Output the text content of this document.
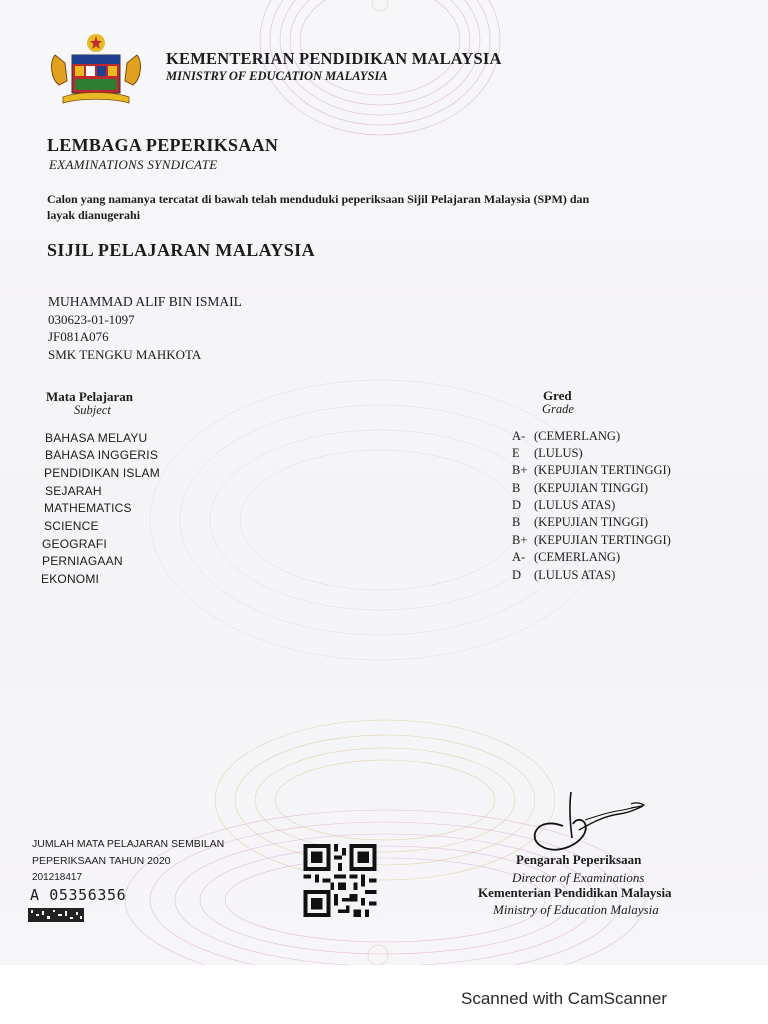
KEMENTERIAN PENDIDIKAN MALAYSIA
MINISTRY OF EDUCATION MALAYSIA
LEMBAGA PEPERIKSAAN
EXAMINATIONS SYNDICATE
Calon yang namanya tercatat di bawah telah menduduki peperiksaan Sijil Pelajaran Malaysia (SPM) dan
layak dianugerahi
SIJIL PELAJARAN MALAYSIA
MUHAMMAD ALIF BIN ISMAIL
030623-01-1097
JF081A076
SMK TENGKU MAHKOTA
Mata Pelajaran
Subject
Gred
Grade
BAHASA MELAYU
BAHASA INGGERIS
PENDIDIKAN ISLAM
SEJARAH
MATHEMATICS
SCIENCE
GEOGRAFI
PERNIAGAAN
EKONOMI
A- (CEMERLANG)
E (LULUS)
B+ (KEPUJIAN TERTINGGI)
B (KEPUJIAN TINGGI)
D (LULUS ATAS)
B (KEPUJIAN TINGGI)
B+ (KEPUJIAN TERTINGGI)
A- (CEMERLANG)
D (LULUS ATAS)
JUMLAH MATA PELAJARAN SEMBILAN
PEPERIKSAAN TAHUN 2020
201218417
A 05356356
Pengarah Peperiksaan
Director of Examinations
Kementerian Pendidikan Malaysia
Ministry of Education Malaysia
Scanned with CamScanner
